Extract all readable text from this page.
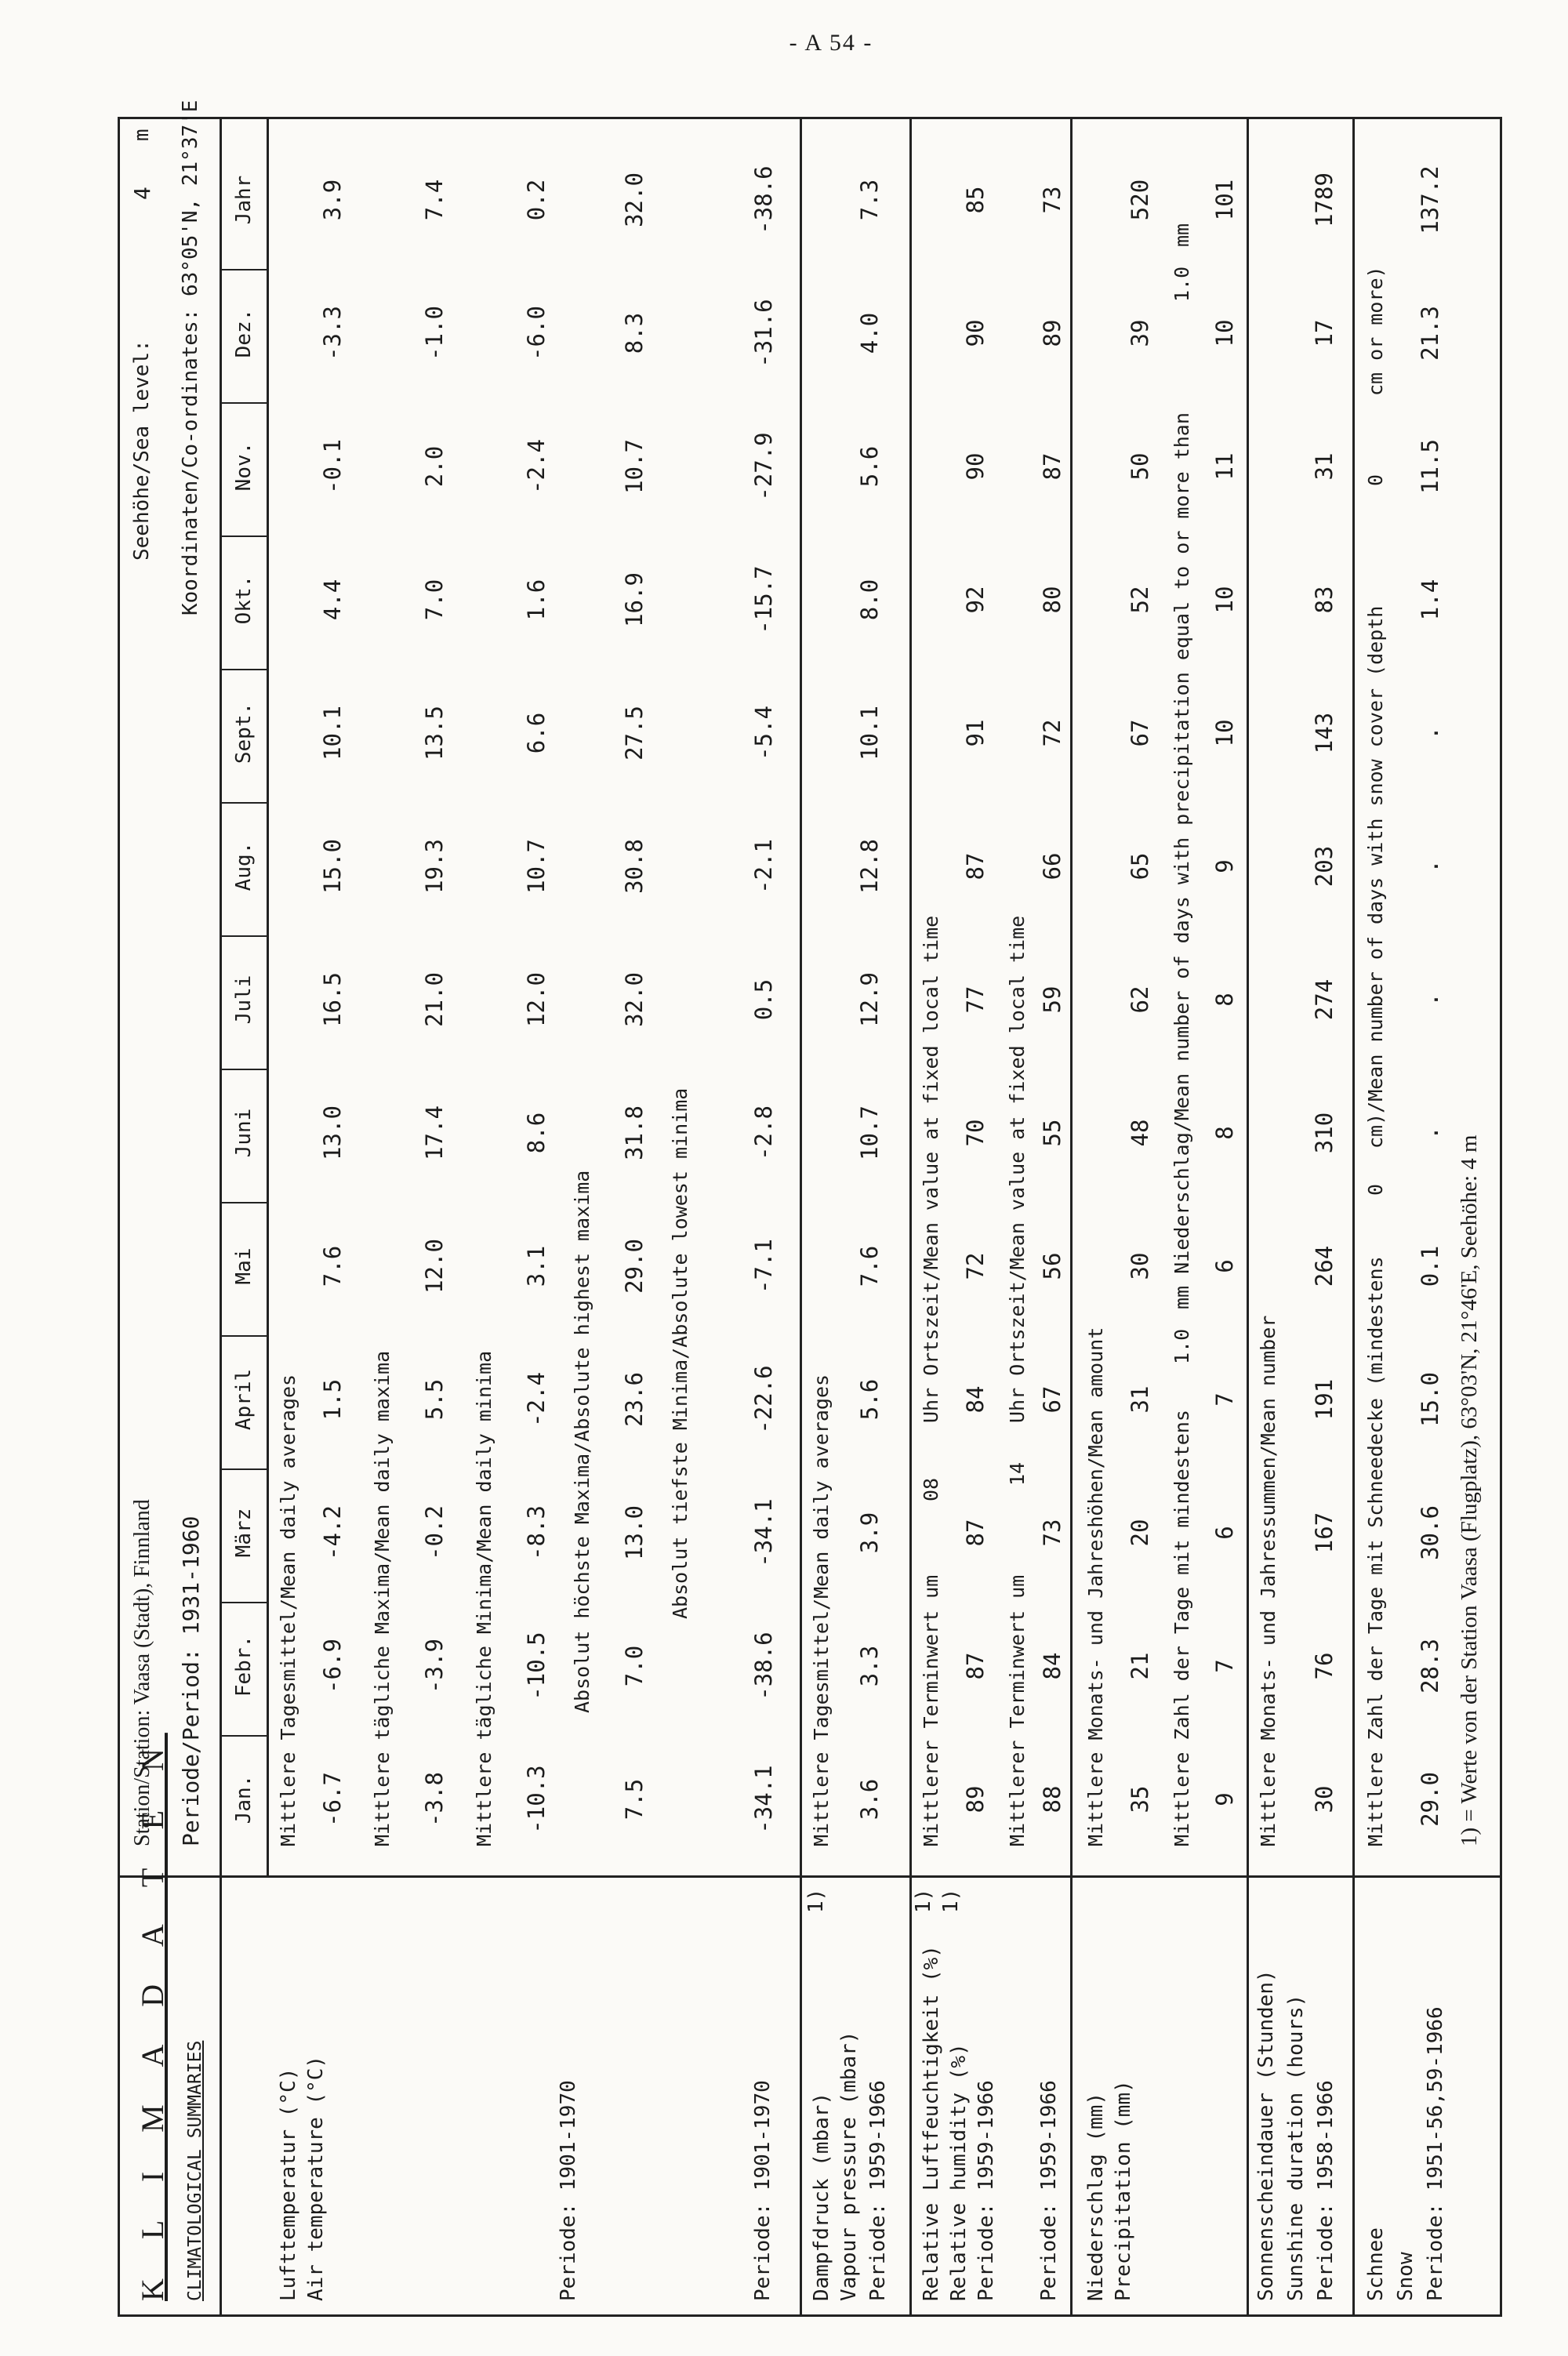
- A 54 -
K L I M A D A T E N CLIMATOLOGICAL SUMMARIES
Station/Station: Vaasa (Stadt), Finnland Periode/Period: 1931-1960
Seehöhe/Sea level:
4
m Koordinaten/Co-ordinates: 63°05'N, 21°37'E
Jan.
Febr.
März
April
Mai
Juni
Juli
Aug.
Sept.
Okt.
Nov.
Dez.
Jahr
Lufttemperatur (°C) Air temperature (°C)	Periode: 1901-1970	Periode: 1901-1970
Mittlere Tagesmittel/Mean daily averages -6.7
-6.9
-4.2
1.5
7.6
13.0
16.5
15.0
10.1
4.4
-0.1
-3.3
3.9
Mittlere tägliche Maxima/Mean daily maxima -3.8
-3.9
-0.2
5.5
12.0
17.4
21.0
19.3
13.5
7.0
2.0
-1.0
7.4
Mittlere tägliche Minima/Mean daily minima -10.3
-10.5
-8.3
-2.4
3.1
8.6
12.0
10.7
6.6
1.6
-2.4
-6.0
0.2
Absolut höchste Maxima/Absolute highest maxima
7.5
7.0
13.0
23.6
29.0
31.8
32.0
30.8
27.5
16.9
10.7
8.3
32.0
Absolut tiefste Minima/Absolute lowest minima
-34.1
-38.6
-34.1
-22.6
-7.1
-2.8
0.5
-2.1
-5.4
-15.7
-27.9
-31.6
-38.6
Dampfdruck (mbar)
1)
Vapour pressure (mbar) Periode: 1959-1966
Mittlere Tagesmittel/Mean daily averages 3.6
3.3
3.9
5.6
7.6
10.7
12.9
12.8
10.1
8.0
5.6
4.0
7.3
Relative Luftfeuchtigkeit (%)
1)
Relative humidity (%)
1)
Periode: 1959-1966 Periode: 1959-1966
Mittlerer Terminwert um
08
Uhr Ortszeit/Mean value at fixed local time
89
87
87
84
72
70
77
87
91
92
90
90
85
Mittlerer Terminwert um
14
Uhr Ortszeit/Mean value at fixed local time
88
84
73
67
56
55
59
66
72
80
87
89
73
Niederschlag (mm) Precipitation (mm)
Mittlere Monats- und Jahreshöhen/Mean amount 35
21
20
31
30
48
62
65
67
52
50
39
520
Mittlere Zahl der Tage mit mindestens
1.0
mm Niederschlag/Mean number of days with precipitation equal to or more than
1.0
mm
9
7
6
7
6
8
8
9
10
10
11
10
101
Sonnenscheindauer (Stunden) Sunshine duration (hours) Periode: 1958-1966
Mittlere Monats- und Jahressummen/Mean number 30
76
167
191
264
310
274
203
143
83
31
17
1789
Schnee Snow Periode: 1951-56,59-1966
Mittlere Zahl der Tage mit Schneedecke (mindestens
0
cm)/Mean number of days with snow cover (depth
0
cm or more)
29.0
28.3
30.6
15.0
0.1
.
.
.
.
1.4
11.5
21.3
137.2
1) = Werte von der Station Vaasa (Flugplatz), 63°03'N, 21°46'E, Seehöhe: 4 m
